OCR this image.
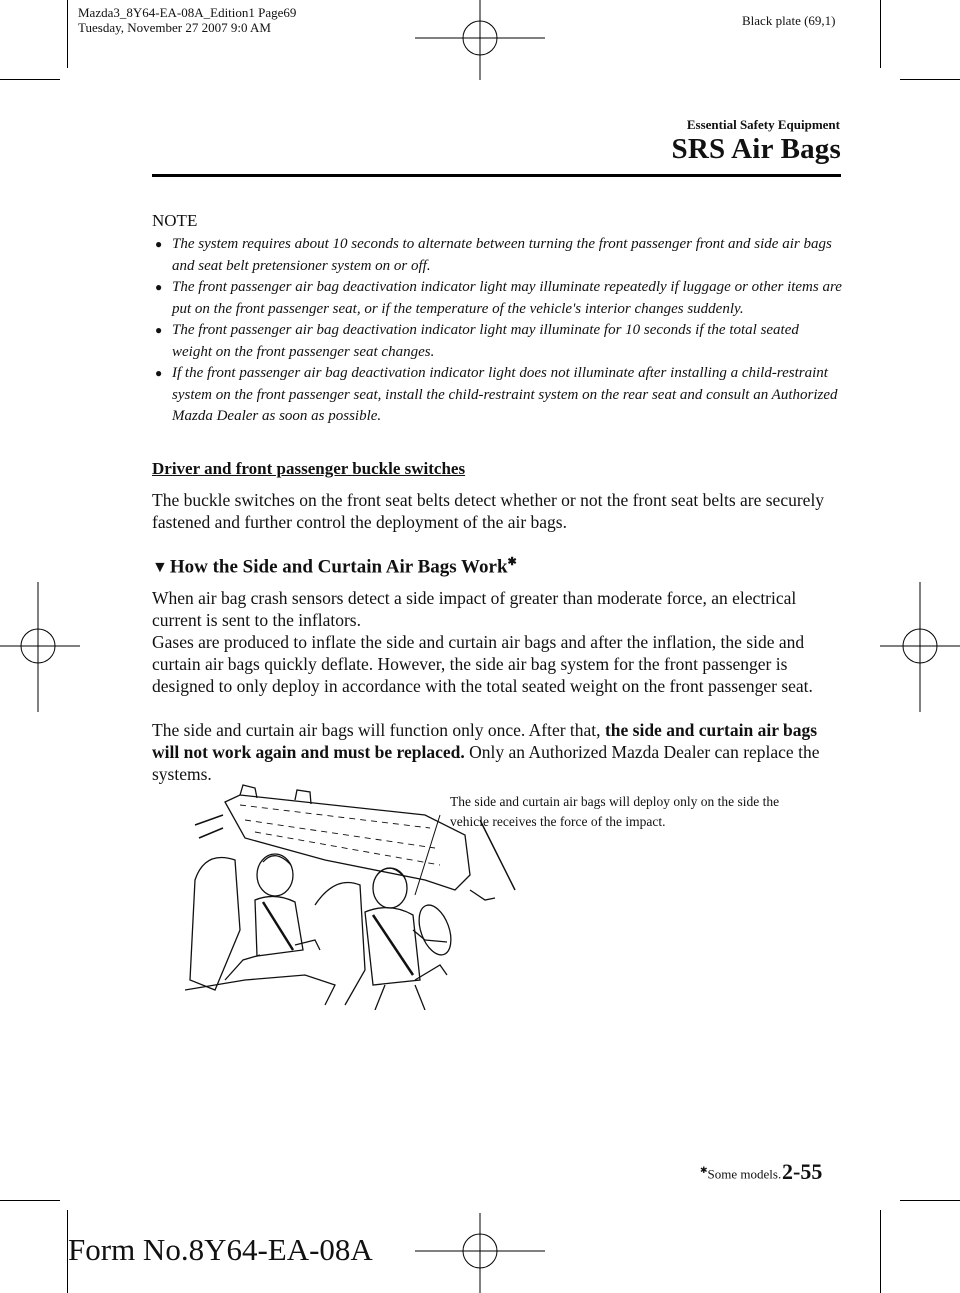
Mazda3_8Y64-EA-08A_Edition1 Page69
Tuesday, November 27 2007 9:0 AM	Black plate (69,1)
Essential Safety Equipment
SRS Air Bags
NOTE
● The system requires about 10 seconds to alternate between turning the front passenger front and side air bags and seat belt pretensioner system on or off.
● The front passenger air bag deactivation indicator light may illuminate repeatedly if luggage or other items are put on the front passenger seat, or if the temperature of the vehicle's interior changes suddenly.
● The front passenger air bag deactivation indicator light may illuminate for 10 seconds if the total seated weight on the front passenger seat changes.
● If the front passenger air bag deactivation indicator light does not illuminate after installing a child-restraint system on the front passenger seat, install the child-restraint system on the rear seat and consult an Authorized Mazda Dealer as soon as possible.
Driver and front passenger buckle switches

The buckle switches on the front seat belts detect whether or not the front seat belts are securely fastened and further control the deployment of the air bags.

▼ How the Side and Curtain Air Bags Work✱

When air bag crash sensors detect a side impact of greater than moderate force, an electrical current is sent to the inflators.

Gases are produced to inflate the side and curtain air bags and after the inflation, the side and curtain air bags quickly deflate. However, the side air bag system for the front passenger is designed to only deploy in accordance with the total seated weight on the front passenger seat.

The side and curtain air bags will function only once. After that, the side and curtain air bags will not work again and must be replaced. Only an Authorized Mazda Dealer can replace the systems.

The side and curtain air bags will deploy only on the side the vehicle receives the force of the impact.
✱Some models. 2-55
Form No.8Y64-EA-08A
